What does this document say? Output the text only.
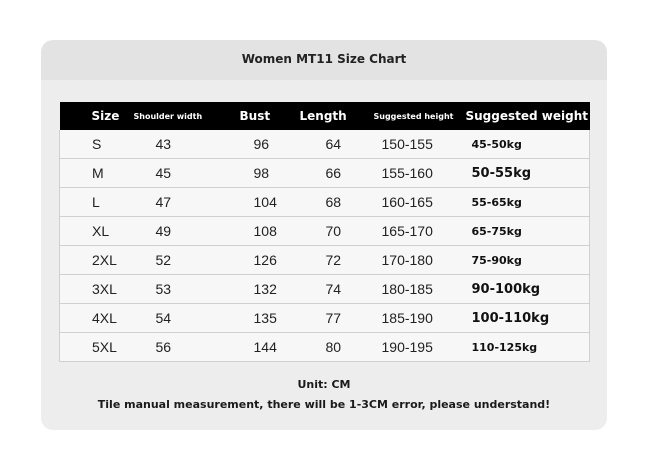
Women MT11 Size Chart
Size	Shoulder width	Bust	Length	Suggested height	Suggested weight
S	43	96	64	150-155	45-50kg
M	45	98	66	155-160	50-55kg
L	47	104	68	160-165	55-65kg
XL	49	108	70	165-170	65-75kg
2XL	52	126	72	170-180	75-90kg
3XL	53	132	74	180-185	90-100kg
4XL	54	135	77	185-190	100-110kg
5XL	56	144	80	190-195	110-125kg
Unit: CM
Tile manual measurement, there will be 1-3CM error, please understand!
